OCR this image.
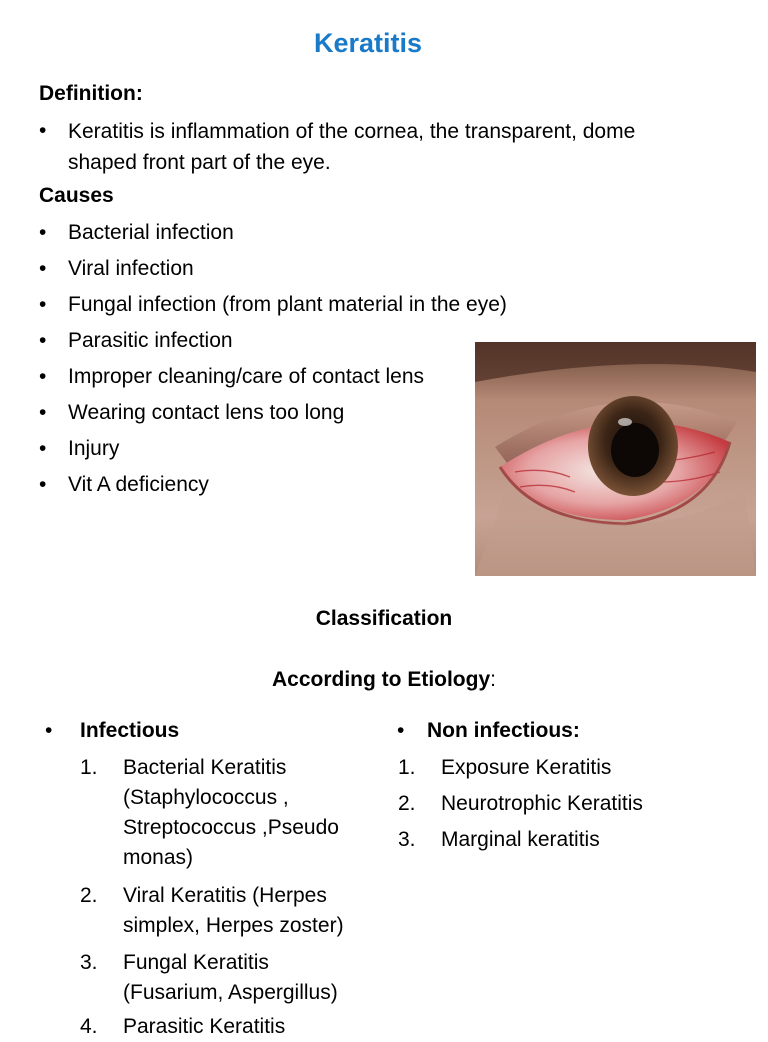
Keratitis
Definition:
• Keratitis is inflammation of the cornea, the transparent, dome shaped front part of the eye.
Causes
• Bacterial infection
• Viral infection
• Fungal infection (from plant material in the eye)
• Parasitic infection
• Improper cleaning/care of contact lens
• Wearing contact lens too long
• Injury
• Vit A deficiency
Classification
According to Etiology:
• Infectious
1. Bacterial Keratitis
(Staphylococcus ,
Streptococcus ,Pseudo
monas)
2. Viral Keratitis (Herpes
simplex, Herpes zoster)
3. Fungal Keratitis
(Fusarium, Aspergillus)
4. Parasitic Keratitis
• Non infectious:
1. Exposure Keratitis
2. Neurotrophic Keratitis
3. Marginal keratitis
